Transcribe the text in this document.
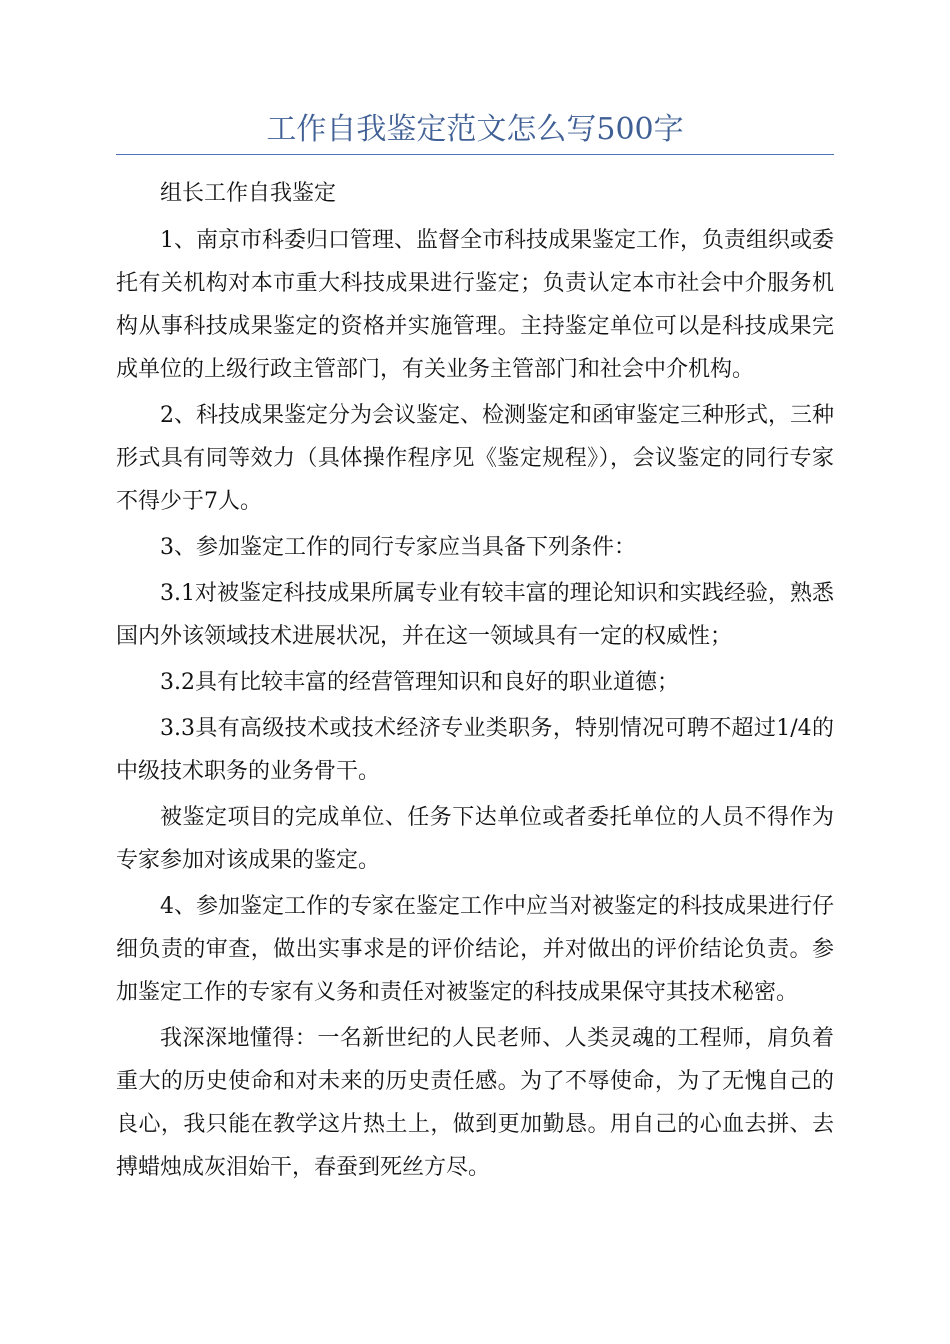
工作自我鉴定范文怎么写500字

组长工作自我鉴定

1、南京市科委归口管理、监督全市科技成果鉴定工作，负责组织或委托有关机构对本市重大科技成果进行鉴定；负责认定本市社会中介服务机构从事科技成果鉴定的资格并实施管理。主持鉴定单位可以是科技成果完成单位的上级行政主管部门，有关业务主管部门和社会中介机构。

2、科技成果鉴定分为会议鉴定、检测鉴定和函审鉴定三种形式，三种形式具有同等效力（具体操作程序见《鉴定规程》），会议鉴定的同行专家不得少于7人。

3、参加鉴定工作的同行专家应当具备下列条件：

3.1对被鉴定科技成果所属专业有较丰富的理论知识和实践经验，熟悉国内外该领域技术进展状况，并在这一领域具有一定的权威性；

3.2具有比较丰富的经营管理知识和良好的职业道德；

3.3具有高级技术或技术经济专业类职务，特别情况可聘不超过1/4的中级技术职务的业务骨干。

被鉴定项目的完成单位、任务下达单位或者委托单位的人员不得作为专家参加对该成果的鉴定。

4、参加鉴定工作的专家在鉴定工作中应当对被鉴定的科技成果进行仔细负责的审查，做出实事求是的评价结论，并对做出的评价结论负责。参加鉴定工作的专家有义务和责任对被鉴定的科技成果保守其技术秘密。

我深深地懂得：一名新世纪的人民老师、人类灵魂的工程师，肩负着重大的历史使命和对未来的历史责任感。为了不辱使命，为了无愧自己的良心，我只能在教学这片热土上，做到更加勤恳。用自己的心血去拼、去搏蜡烛成灰泪始干，春蚕到死丝方尽。
